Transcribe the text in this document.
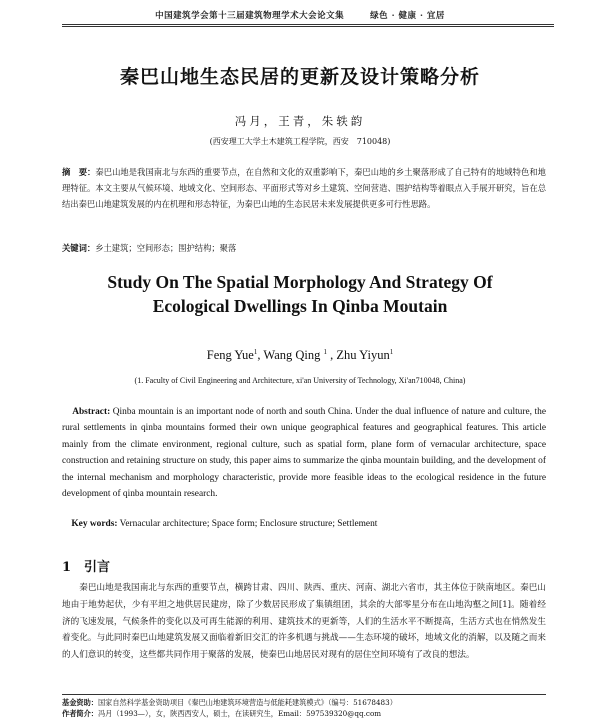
中国建筑学会第十三届建筑物理学术大会论文集	绿色 · 健康 · 宜居
秦巴山地生态民居的更新及设计策略分析
冯月，王青，朱轶韵
(西安理工大学土木建筑工程学院，西安　710048)
摘　要：秦巴山地是我国南北与东西的重要节点，在自然和文化的双重影响下，秦巴山地的乡土聚落形成了自己特有的地域特色和地理特征。本文主要从气候环境、地域文化、空间形态、平面形式等对乡土建筑、空间营造、围护结构等着眼点入手展开研究，旨在总结出秦巴山地建筑发展的内在机理和形态特征，为秦巴山地的生态民居未来发展提供更多可行性思路。
关键词：乡土建筑；空间形态；围护结构；聚落
Study On The Spatial Morphology And Strategy Of
Ecological Dwellings In Qinba Moutain
Feng Yue$^1$, Wang Qing $^1$ , Zhu Yiyun$^1$
(1. Faculty of Civil Engineering and Architecture, xi'an University of Technology, Xi'an710048, China)
Abstract: Qinba mountain is an important node of north and south China. Under the dual influence of nature and culture, the rural settlements in qinba mountains formed their own unique geographical features and geographical features. This article mainly from the climate environment, regional culture, such as spatial form, plane form of vernacular architecture, space construction and retaining structure on study, this paper aims to summarize the qinba mountain building, and the development of the internal mechanism and morphology characteristic, provide more feasible ideas to the ecological residence in the future development of qinba mountain research.
Key words: Vernacular architecture; Space form; Enclosure structure; Settlement
1 引言
秦巴山地是我国南北与东西的重要节点，横跨甘肃、四川、陕西、重庆、河南、湖北六省市，其主体位于陕南地区。秦巴山地由于地势起伏，少有平坦之地供居民建房，除了少数居民形成了集镇组团，其余的大部零星分布在山地沟壑之间[1]。随着经济的飞速发展，气候条件的变化以及可再生能源的利用、建筑技术的更新等，人们的生活水平不断提高，生活方式也在悄然发生着变化。与此同时秦巴山地建筑发展又面临着新旧交汇的许多机遇与挑战——生态环境的破坏，地域文化的消解，以及随之而来的人们意识的转变，这些都共同作用于聚落的发展，使秦巴山地居民对现有的居住空间环境有了改良的想法。
基金资助：国家自然科学基金资助项目《秦巴山地建筑环境营造与低能耗建筑模式》（编号：51678483）
作者简介：冯月（1993—），女，陕西西安人，硕士，在读研究生，Email：597539320@qq.com
